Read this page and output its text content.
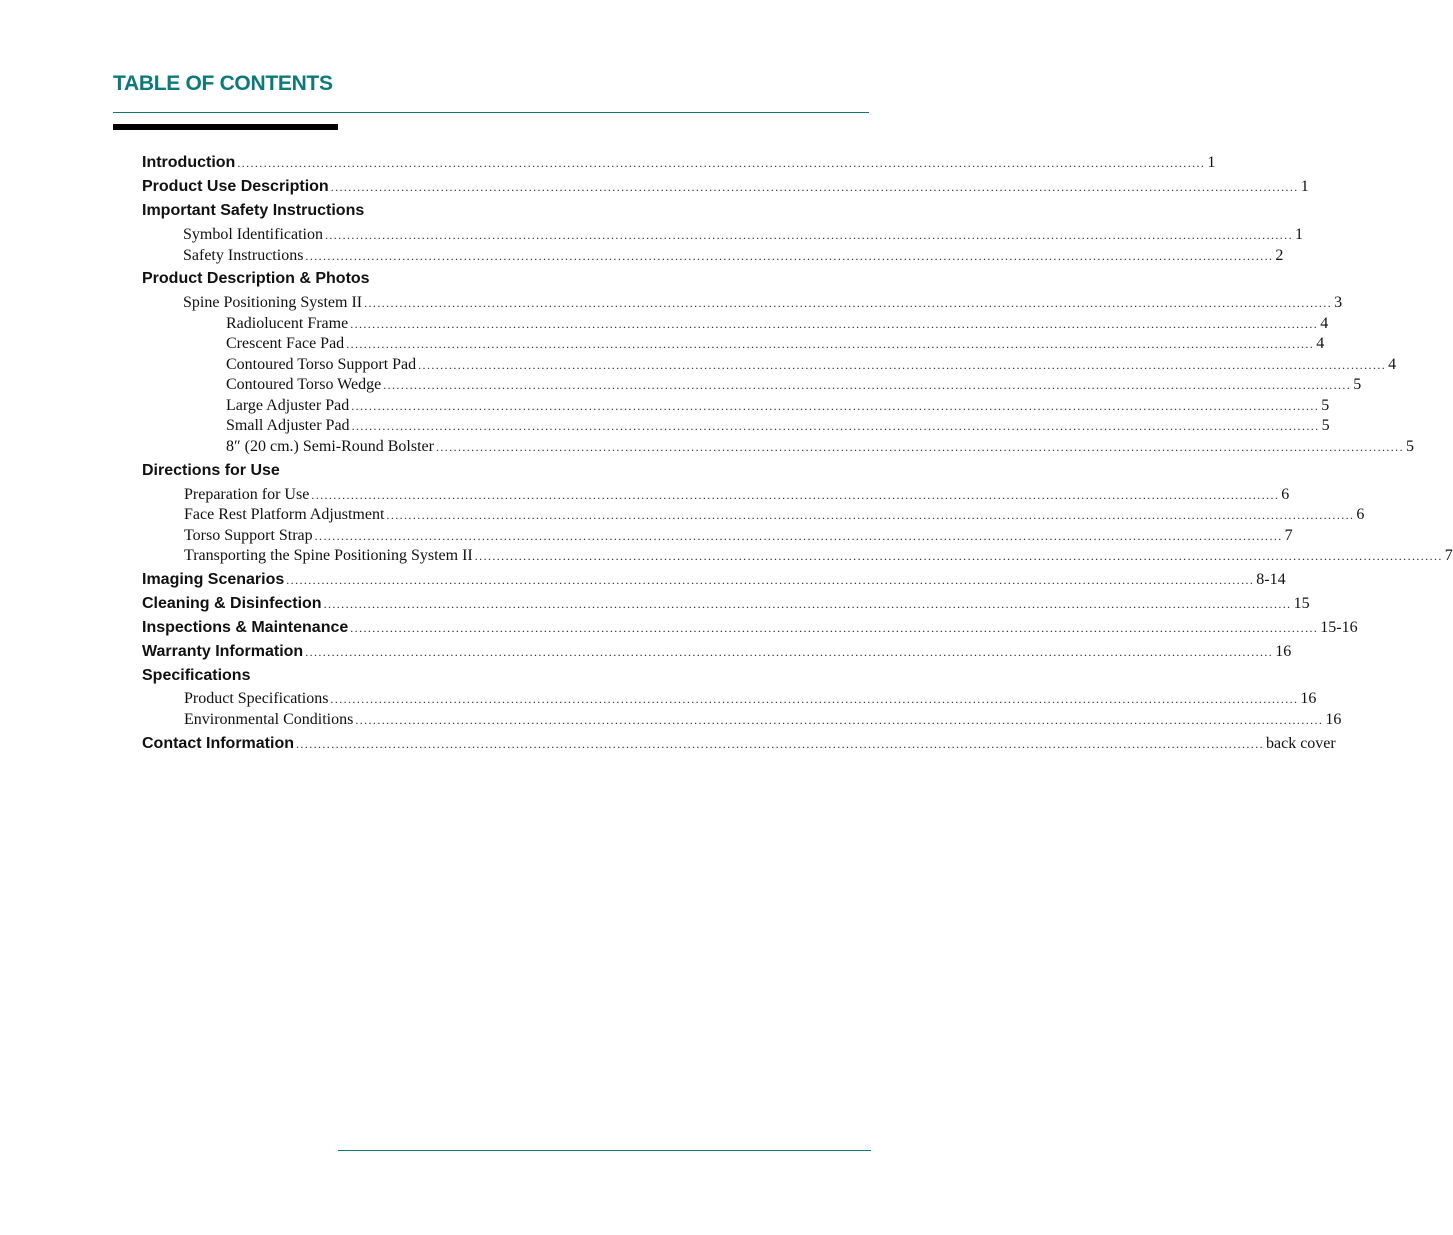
TABLE OF CONTENTS
Introduction ............................................................................................................................................................................................................................ 1
Product Use Description ............................................................................................................................................................................................................................ 1
Important Safety Instructions
Symbol Identification ............................................................................................................................................................................................................................ 1
Safety Instructions ............................................................................................................................................................................................................................ 2
Product Description & Photos
Spine Positioning System II ............................................................................................................................................................................................................................ 3
Radiolucent Frame ............................................................................................................................................................................................................................ 4
Crescent Face Pad ............................................................................................................................................................................................................................ 4
Contoured Torso Support Pad ............................................................................................................................................................................................................................ 4
Contoured Torso Wedge ............................................................................................................................................................................................................................ 5
Large Adjuster Pad ............................................................................................................................................................................................................................ 5
Small Adjuster Pad ............................................................................................................................................................................................................................ 5
8″ (20 cm.) Semi-Round Bolster ............................................................................................................................................................................................................................ 5
Directions for Use
Preparation for Use ............................................................................................................................................................................................................................ 6
Face Rest Platform Adjustment ............................................................................................................................................................................................................................ 6
Torso Support Strap ............................................................................................................................................................................................................................ 7
Transporting the Spine Positioning System II ............................................................................................................................................................................................................................ 7
Imaging Scenarios ............................................................................................................................................................................................................................ 8-14
Cleaning & Disinfection ............................................................................................................................................................................................................................ 15
Inspections & Maintenance ............................................................................................................................................................................................................................ 15-16
Warranty Information ............................................................................................................................................................................................................................ 16
Specifications
Product Specifications ............................................................................................................................................................................................................................ 16
Environmental Conditions ............................................................................................................................................................................................................................ 16
Contact Information ............................................................................................................................................................................................................................ back cover
